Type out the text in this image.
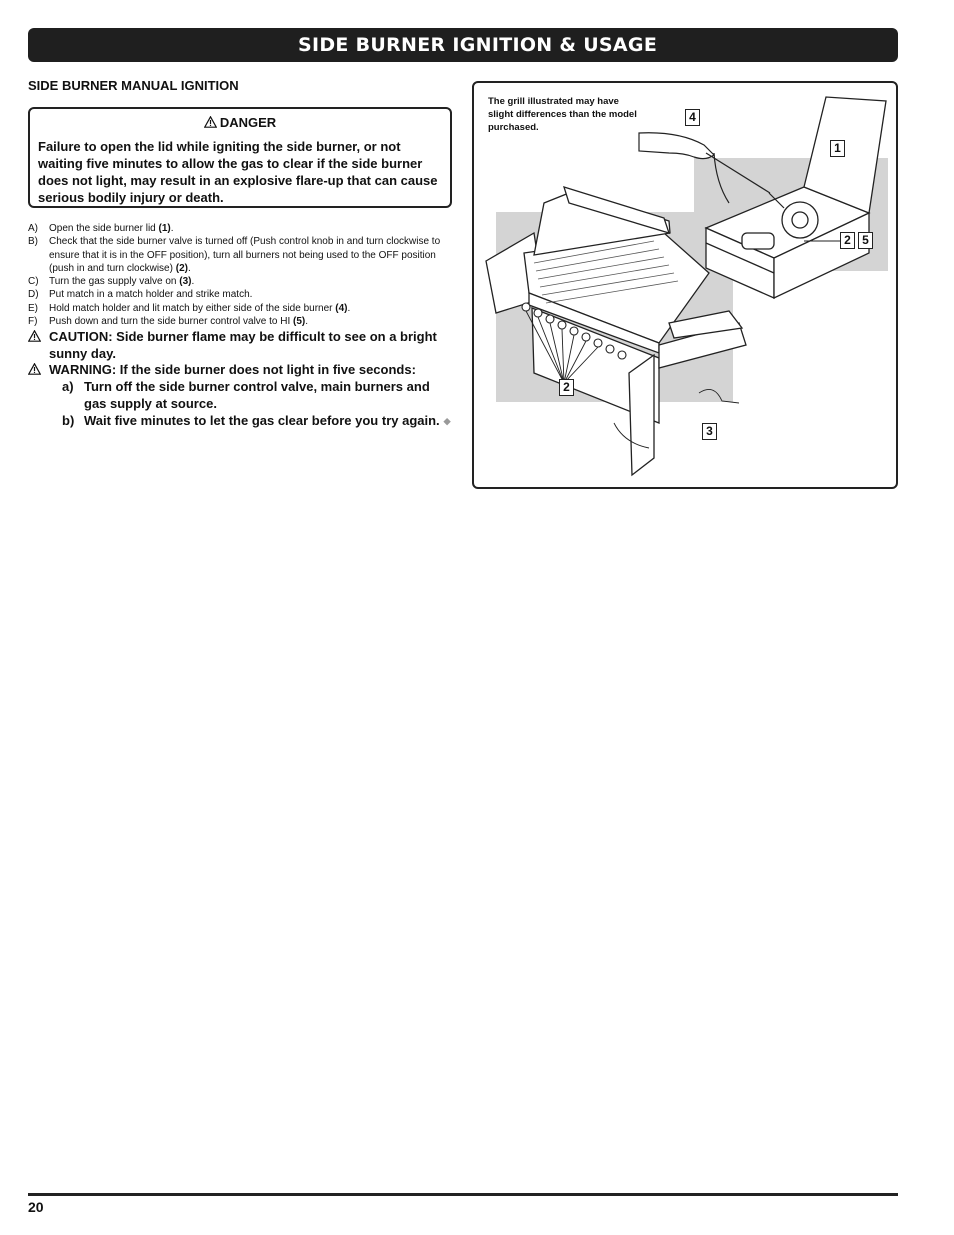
SIDE BURNER IGNITION & USAGE
SIDE BURNER MANUAL IGNITION
DANGER
Failure to open the lid while igniting the side burner, or not waiting five minutes to allow the gas to clear if the side burner does not light, may result in an explosive flare-up that can cause serious bodily injury or death.
A) Open the side burner lid (1).
B) Check that the side burner valve is turned off (Push control knob in and turn clockwise to ensure that it is in the OFF position), turn all burners not being used to the OFF position (push in and turn clockwise) (2).
C) Turn the gas supply valve on (3).
D) Put match in a match holder and strike match.
E) Hold match holder and lit match by either side of the side burner (4).
F) Push down and turn the side burner control valve to HI (5).
CAUTION: Side burner flame may be difficult to see on a bright sunny day.
WARNING: If the side burner does not light in five seconds:
a) Turn off the side burner control valve, main burners and gas supply at source.
b) Wait five minutes to let the gas clear before you try again. ◆
The grill illustrated may have slight differences than the model purchased.
1
2 5
4
2
3
20
